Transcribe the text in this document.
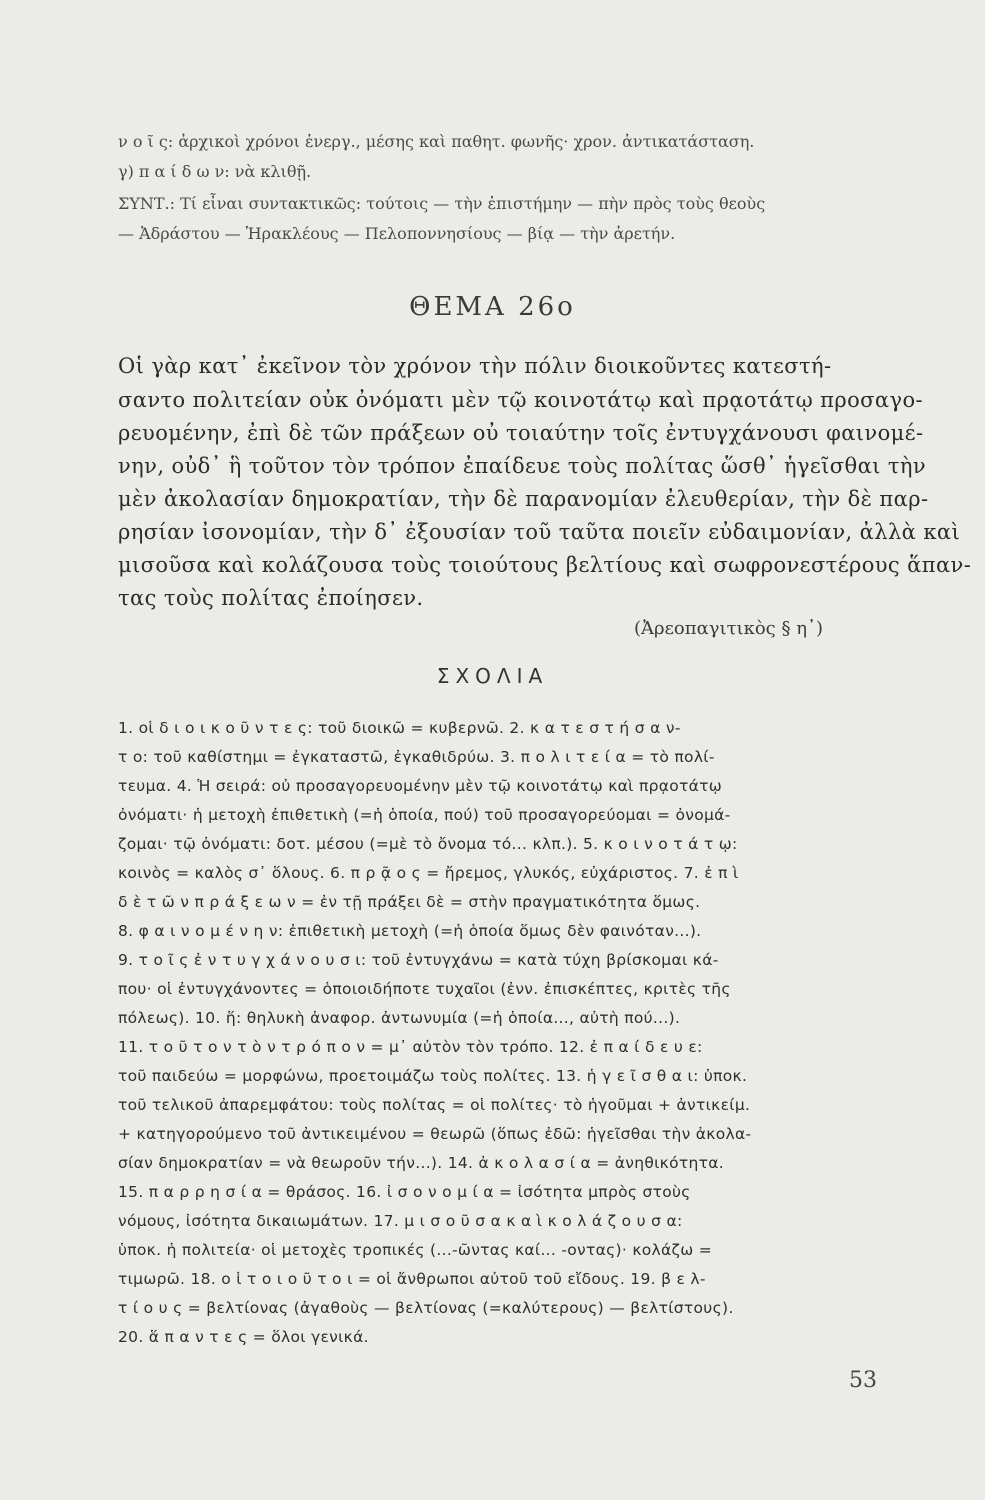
ν ο ῖ ς: ἀρχικοὶ χρόνοι ἐνεργ., μέσης καὶ παθητ. φωνῆς· χρον. ἀντικατάσταση.
γ) π α ί δ ω ν: νὰ κλιθῇ.
ΣΥΝΤ.: Τί εἶναι συντακτικῶς: τούτοις — τὴν ἐπιστήμην — πὴν πρὸς τοὺς θεοὺς
— Ἀδράστου — Ἡρακλέους — Πελοποννησίους — βίᾳ — τὴν ἀρετήν.
ΘΕΜΑ 26ο
Οἱ γὰρ κατ᾽ ἐκεῖνον τὸν χρόνον τὴν πόλιν διοικοῦντες κατεστή-
σαντο πολιτείαν οὐκ ὀνόματι μὲν τῷ κοινοτάτῳ καὶ πρᾳοτάτῳ προσαγο-
ρευομένην, ἐπὶ δὲ τῶν πράξεων οὐ τοιαύτην τοῖς ἐντυγχάνουσι φαινομέ-
νην, οὐδ᾽ ἣ τοῦτον τὸν τρόπον ἐπαίδευε τοὺς πολίτας ὥσθ᾽ ἡγεῖσθαι τὴν
μὲν ἀκολασίαν δημοκρατίαν, τὴν δὲ παρανομίαν ἐλευθερίαν, τὴν δὲ παρ-
ρησίαν ἰσονομίαν, τὴν δ᾽ ἐξουσίαν τοῦ ταῦτα ποιεῖν εὐδαιμονίαν, ἀλλὰ καὶ
μισοῦσα καὶ κολάζουσα τοὺς τοιούτους βελτίους καὶ σωφρονεστέρους ἅπαν-
τας τοὺς πολίτας ἐποίησεν.
(Ἀρεοπαγιτικὸς § η᾽)
ΣΧΟΛΙΑ
1. οἱ δ ι ο ι κ ο ῦ ν τ ε ς: τοῦ διοικῶ = κυβερνῶ. 2. κ α τ ε σ τ ή σ α ν-
τ ο: τοῦ καθίστημι = ἐγκαταστῶ, ἐγκαθιδρύω. 3. π ο λ ι τ ε ί α = τὸ πολί-
τευμα. 4. Ἡ σειρά: οὐ προσαγορευομένην μὲν τῷ κοινοτάτῳ καὶ πρᾳοτάτῳ
ὀνόματι· ἡ μετοχὴ ἐπιθετικὴ (=ἡ ὁποία, πού) τοῦ προσαγορεύομαι = ὀνομά-
ζομαι· τῷ ὀνόματι: δοτ. μέσου (=μὲ τὸ ὄνομα τό... κλπ.). 5. κ ο ι ν ο τ ά τ ῳ:
κοινὸς = καλὸς σ᾽ ὅλους. 6. π ρ ᾷ ο ς = ἤρεμος, γλυκός, εὐχάριστος. 7. ἐ π ὶ
δ ὲ τ ῶ ν π ρ ά ξ ε ω ν = ἐν τῇ πράξει δὲ = στὴν πραγματικότητα ὅμως.
8. φ α ι ν ο μ έ ν η ν: ἐπιθετικὴ μετοχὴ (=ἡ ὁποία ὅμως δὲν φαινόταν...).
9. τ ο ῖ ς ἐ ν τ υ γ χ ά ν ο υ σ ι: τοῦ ἐντυγχάνω = κατὰ τύχη βρίσκομαι κά-
που· οἱ ἐντυγχάνοντες = ὁποιοιδήποτε τυχαῖοι (ἐνν. ἐπισκέπτες, κριτὲς τῆς
πόλεως). 10. ἥ: θηλυκὴ ἀναφορ. ἀντωνυμία (=ἡ ὁποία..., αὐτὴ πού...).
11. τ ο ῦ τ ο ν τ ὸ ν τ ρ ό π ο ν = μ᾽ αὐτὸν τὸν τρόπο. 12. ἐ π α ί δ ε υ ε:
τοῦ παιδεύω = μορφώνω, προετοιμάζω τοὺς πολίτες. 13. ἡ γ ε ῖ σ θ α ι: ὑποκ.
τοῦ τελικοῦ ἀπαρεμφάτου: τοὺς πολίτας = οἱ πολίτες· τὸ ἡγοῦμαι + ἀντικείμ.
+ κατηγορούμενο τοῦ ἀντικειμένου = θεωρῶ (ὅπως ἐδῶ: ἡγεῖσθαι τὴν ἀκολα-
σίαν δημοκρατίαν = νὰ θεωροῦν τήν...). 14. ἀ κ ο λ α σ ί α = ἀνηθικότητα.
15. π α ρ ρ η σ ί α = θράσος. 16. ἰ σ ο ν ο μ ί α = ἰσότητα μπρὸς στοὺς
νόμους, ἰσότητα δικαιωμάτων. 17. μ ι σ ο ῦ σ α κ α ὶ κ ο λ ά ζ ο υ σ α:
ὑποκ. ἡ πολιτεία· οἱ μετοχὲς τροπικές (...-ῶντας καί... -οντας)· κολάζω =
τιμωρῶ. 18. ο ἱ τ ο ι ο ῦ τ ο ι = οἱ ἄνθρωποι αὐτοῦ τοῦ εἴδους. 19. β ε λ-
τ ί ο υ ς = βελτίονας (ἀγαθοὺς — βελτίονας (=καλύτερους) — βελτίστους).
20. ἅ π α ν τ ε ς = ὅλοι γενικά.
53
